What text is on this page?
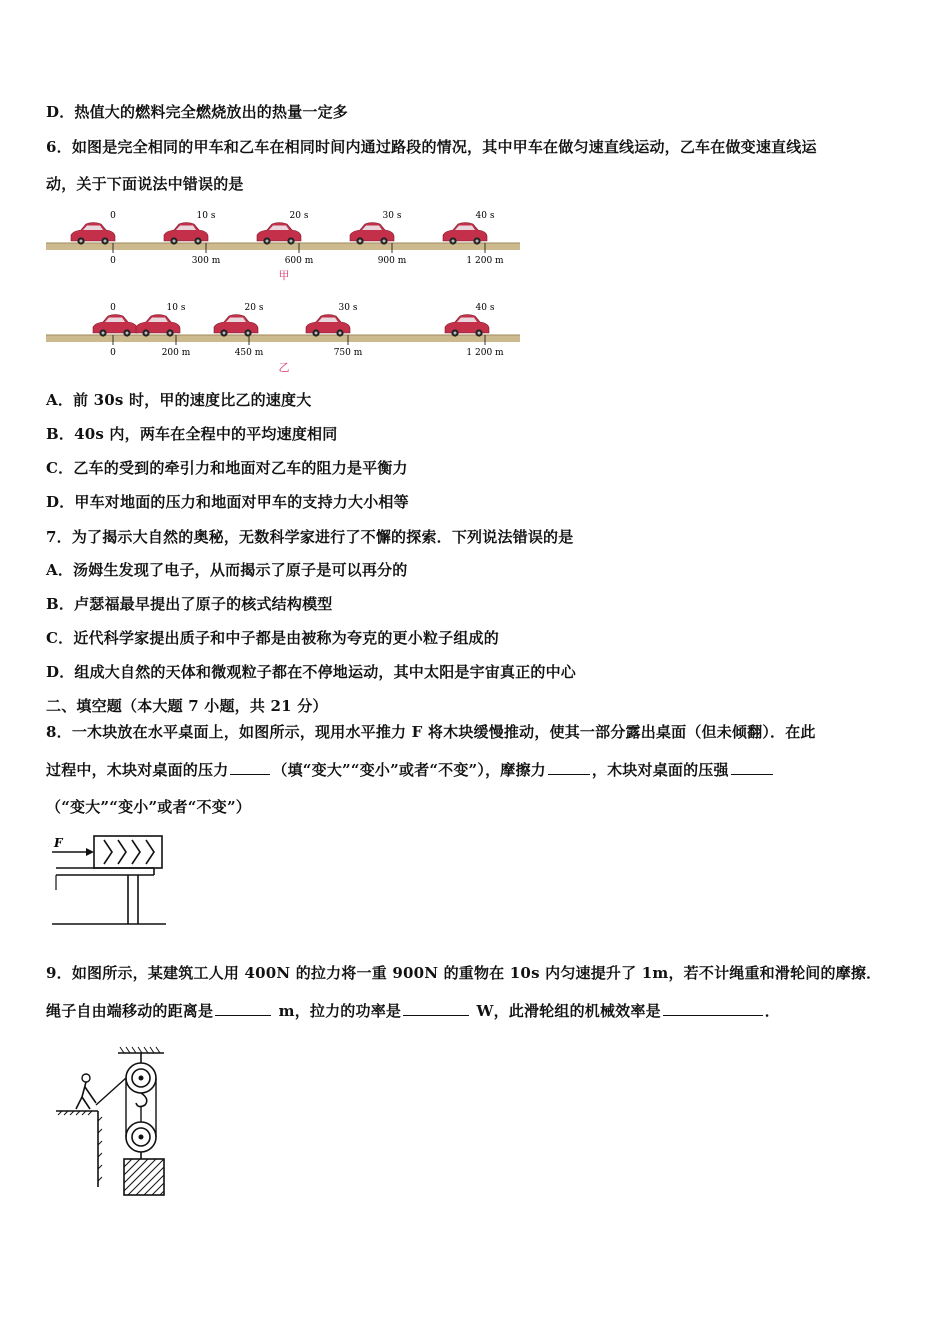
D．热值大的燃料完全燃烧放出的热量一定多
6．如图是完全相同的甲车和乙车在相同时间内通过路段的情况，其中甲车在做匀速直线运动，乙车在做变速直线运
动，关于下面说法中错误的是
0	10 s	20 s	30 s	40 s
0	300 m	600 m	900 m	1 200 m
甲
0	10 s	20 s	30 s	40 s
0	200 m	450 m	750 m	1 200 m
乙
A．前 30s 时，甲的速度比乙的速度大
B．40s 内，两车在全程中的平均速度相同
C．乙车的受到的牵引力和地面对乙车的阻力是平衡力
D．甲车对地面的压力和地面对甲车的支持力大小相等
7．为了揭示大自然的奥秘，无数科学家进行了不懈的探索．下列说法错误的是
A．汤姆生发现了电子，从而揭示了原子是可以再分的
B．卢瑟福最早提出了原子的核式结构模型
C．近代科学家提出质子和中子都是由被称为夸克的更小粒子组成的
D．组成大自然的天体和微观粒子都在不停地运动，其中太阳是宇宙真正的中心
二、填空题（本大题 7 小题，共 21 分）
8．一木块放在水平桌面上，如图所示，现用水平推力 F 将木块缓慢推动，使其一部分露出桌面（但未倾翻）．在此
过程中，木块对桌面的压力	（填“变大”“变小”或者“不变”），摩擦力	，木块对桌面的压强
（“变大”“变小”或者“不变”）
F
9．如图所示，某建筑工人用 400N 的拉力将一重 900N 的重物在 10s 内匀速提升了 1m，若不计绳重和滑轮间的摩擦．
绳子自由端移动的距离是	m，拉力的功率是	W，此滑轮组的机械效率是	．
